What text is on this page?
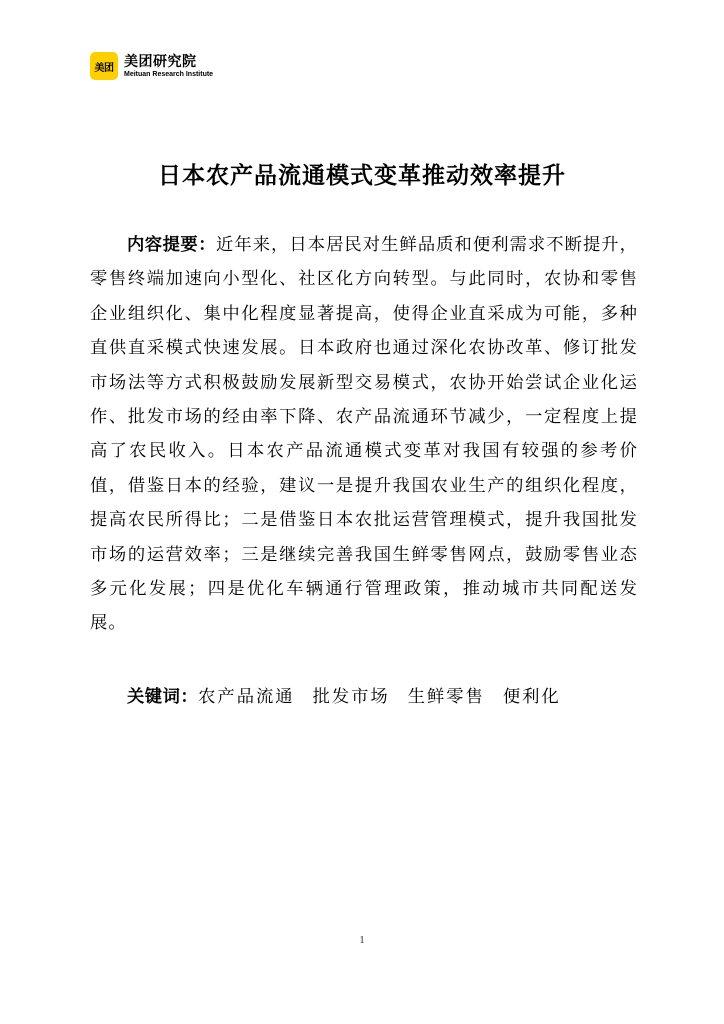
美团 美团研究院
Meituan Research Institute
日本农产品流通模式变革推动效率提升
内容提要：近年来，日本居民对生鲜品质和便利需求不断提升，零售终端加速向小型化、社区化方向转型。与此同时，农协和零售企业组织化、集中化程度显著提高，使得企业直采成为可能，多种直供直采模式快速发展。日本政府也通过深化农协改革、修订批发市场法等方式积极鼓励发展新型交易模式，农协开始尝试企业化运作、批发市场的经由率下降、农产品流通环节减少，一定程度上提高了农民收入。日本农产品流通模式变革对我国有较强的参考价值，借鉴日本的经验，建议一是提升我国农业生产的组织化程度，提高农民所得比；二是借鉴日本农批运营管理模式，提升我国批发市场的运营效率；三是继续完善我国生鲜零售网点，鼓励零售业态多元化发展；四是优化车辆通行管理政策，推动城市共同配送发展。
关键词：农产品流通 批发市场 生鲜零售 便利化
1
